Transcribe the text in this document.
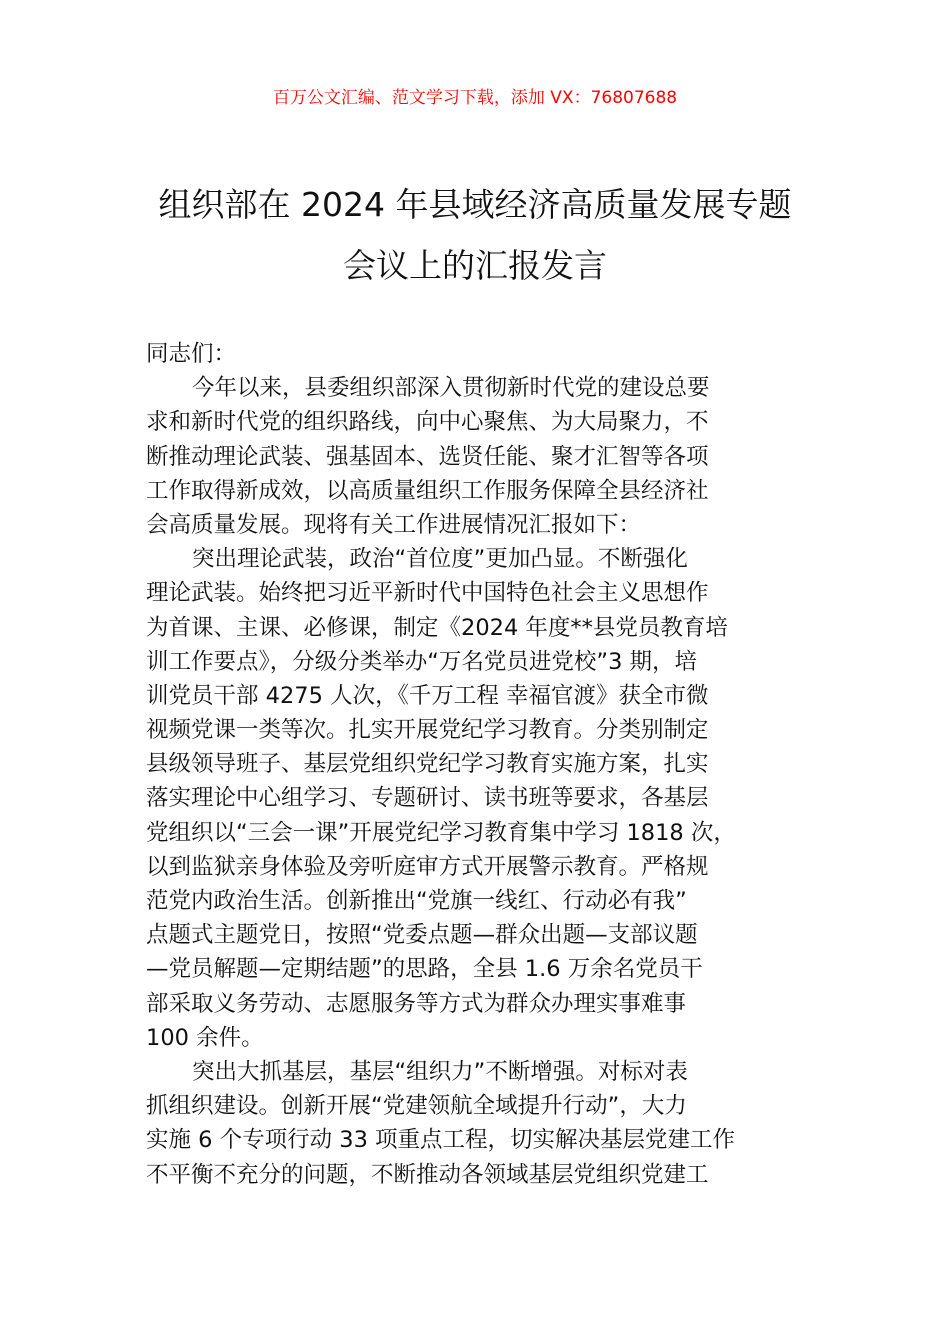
百万公文汇编、范文学习下载，添加 VX：76807688
组织部在 2024 年县域经济高质量发展专题
会议上的汇报发言
同志们：
今年以来，县委组织部深入贯彻新时代党的建设总要
求和新时代党的组织路线，向中心聚焦、为大局聚力，不
断推动理论武装、强基固本、选贤任能、聚才汇智等各项
工作取得新成效，以高质量组织工作服务保障全县经济社
会高质量发展。现将有关工作进展情况汇报如下：
突出理论武装，政治“首位度”更加凸显。不断强化
理论武装。始终把习近平新时代中国特色社会主义思想作
为首课、主课、必修课，制定《2024 年度**县党员教育培
训工作要点》，分级分类举办“万名党员进党校”3 期，培
训党员干部 4275 人次，《千万工程 幸福官渡》获全市微
视频党课一类等次。扎实开展党纪学习教育。分类别制定
县级领导班子、基层党组织党纪学习教育实施方案，扎实
落实理论中心组学习、专题研讨、读书班等要求，各基层
党组织以“三会一课”开展党纪学习教育集中学习 1818 次，
以到监狱亲身体验及旁听庭审方式开展警示教育。严格规
范党内政治生活。创新推出“党旗一线红、行动必有我”
点题式主题党日，按照“党委点题—群众出题—支部议题
—党员解题—定期结题”的思路，全县 1.6 万余名党员干
部采取义务劳动、志愿服务等方式为群众办理实事难事
100 余件。
突出大抓基层，基层“组织力”不断增强。对标对表
抓组织建设。创新开展“党建领航全域提升行动”，大力
实施 6 个专项行动 33 项重点工程，切实解决基层党建工作
不平衡不充分的问题，不断推动各领域基层党组织党建工
